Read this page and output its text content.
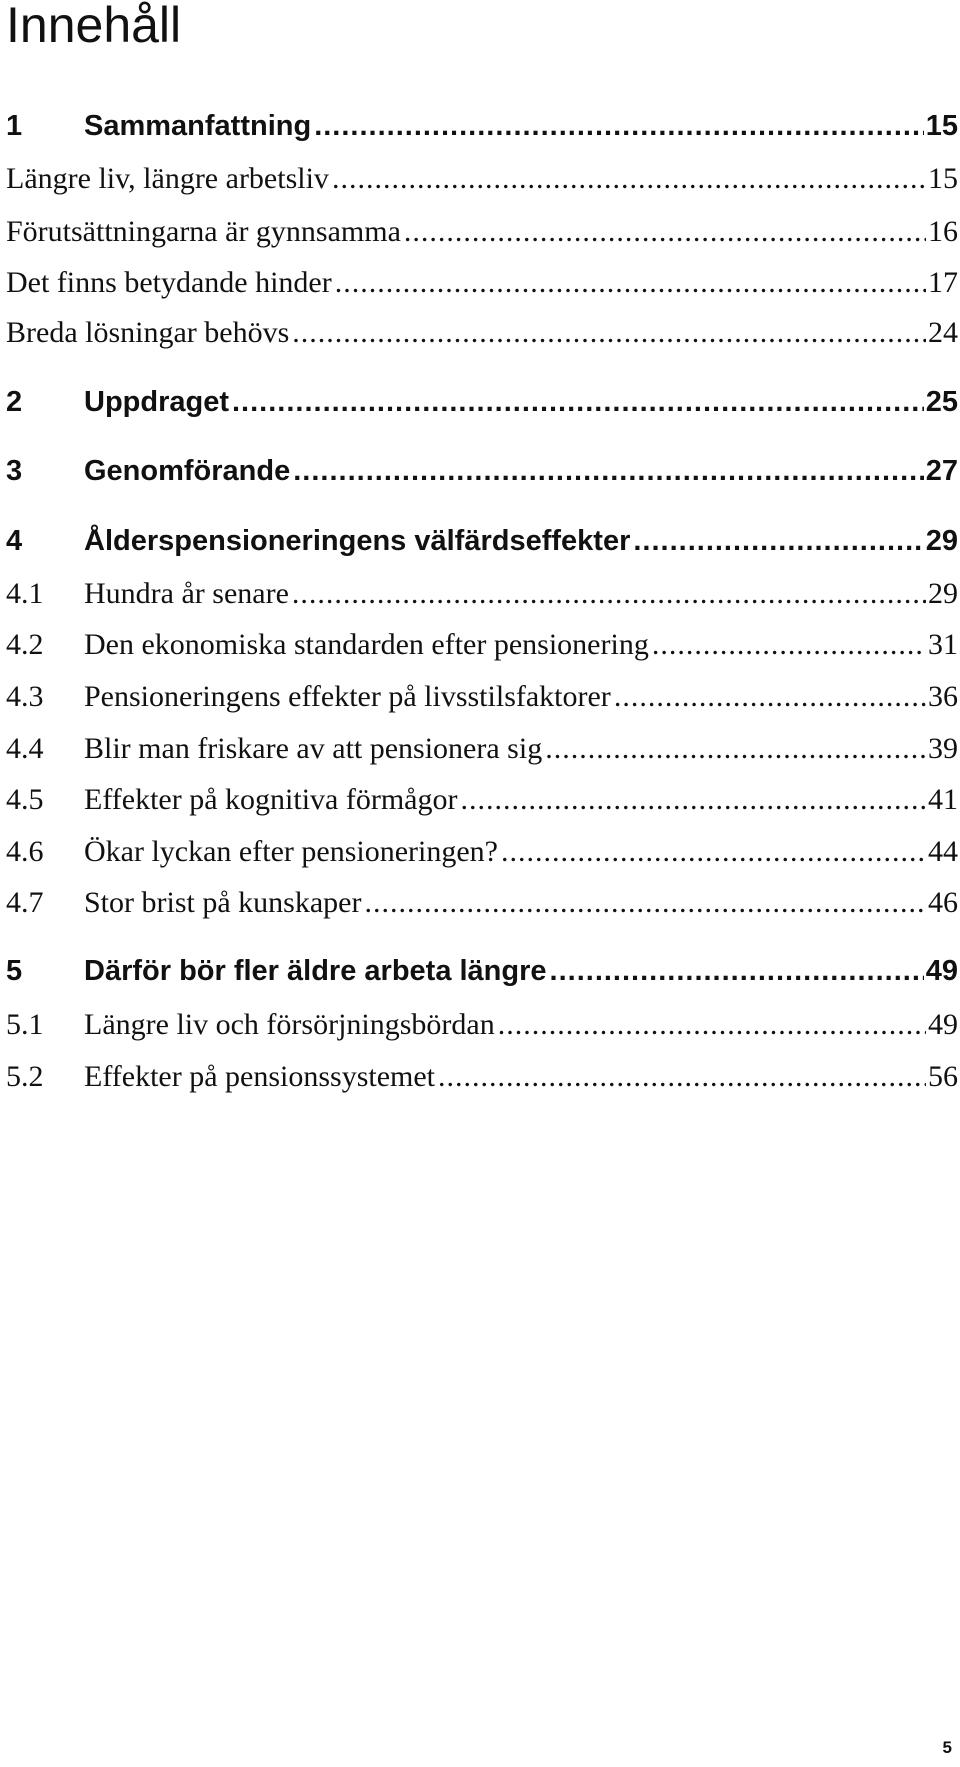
Innehåll
1	Sammanfattning .....	15
Längre liv, längre arbetsliv .....	15
Förutsättningarna är gynnsamma .....	16
Det finns betydande hinder .....	17
Breda lösningar behövs .....	24
2	Uppdraget .....	25
3	Genomförande .....	27
4	Ålderspensioneringens välfärdseffekter .....	29
4.1	Hundra år senare .....	29
4.2	Den ekonomiska standarden efter pensionering .....	31
4.3	Pensioneringens effekter på livsstilsfaktorer .....	36
4.4	Blir man friskare av att pensionera sig .....	39
4.5	Effekter på kognitiva förmågor .....	41
4.6	Ökar lyckan efter pensioneringen? .....	44
4.7	Stor brist på kunskaper .....	46
5	Därför bör fler äldre arbeta längre .....	49
5.1	Längre liv och försörjningsbördan .....	49
5.2	Effekter på pensionssystemet .....	56
5
